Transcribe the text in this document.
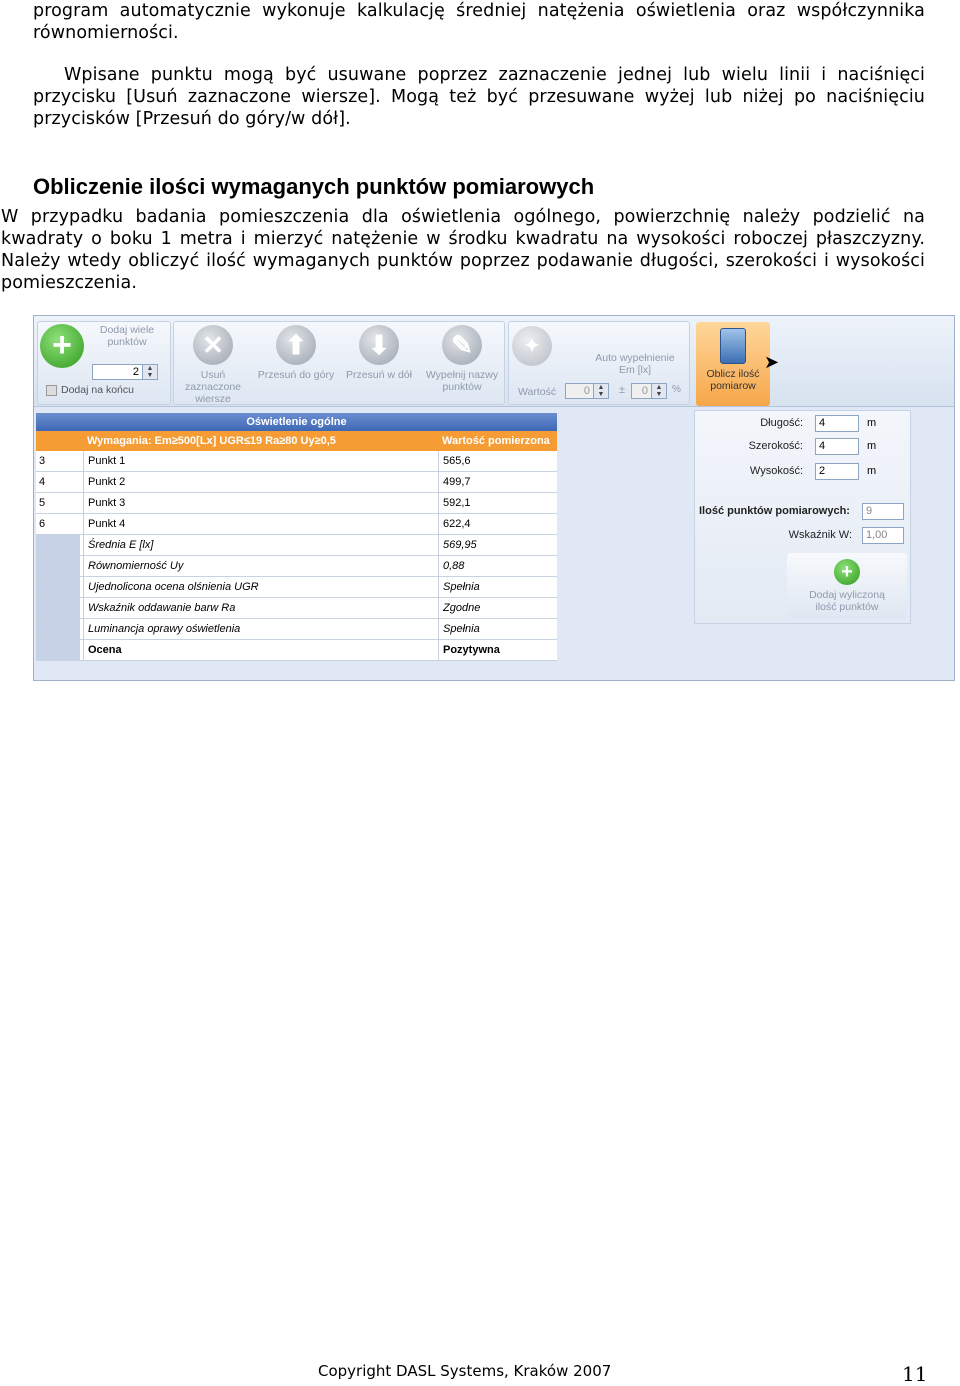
program automatycznie wykonuje kalkulację średniej natężenia oświetlenia oraz współczynnika równomierności.
Wpisane punktu mogą być usuwane poprzez zaznaczenie jednej lub wielu linii i naciśnięci przycisku [Usuń zaznaczone wiersze]. Mogą też być przesuwane wyżej lub niżej po naciśnięciu przycisków [Przesuń do góry/w dół].
Obliczenie ilości wymaganych punktów pomiarowych
W przypadku badania pomieszczenia dla oświetlenia ogólnego, powierzchnię należy podzielić na kwadraty o boku 1 metra i mierzyć natężenie w środku kwadratu na wysokości roboczej płaszczyzny. Należy wtedy obliczyć ilość wymaganych punktów poprzez podawanie długości, szerokości i wysokości pomieszczenia.
+	Dodaj wiele punktów
2	▲
▼
Dodaj na końcu
✕
Usuń zaznaczone wiersze
⬆
Przesuń do góry
⬇
Przesuń w dół
✎
Wypełnij nazwy punktów
✦	Auto wypełnienie Em [lx]
Wartość	0	▲
▼	±	0	▲
▼ %
Oblicz ilość pomiarow
➤
Oświetlenie ogólne
Wymagania: Em≥500[Lx] UGR≤19 Ra≥80 Uy≥0,5	Wartość pomierzona
3	Punkt 1	565,6
4	Punkt 2	499,7
5	Punkt 3	592,1
6	Punkt 4	622,4
Średnia E [lx]	569,95
Równomierność Uy	0,88
Ujednolicona ocena olśnienia UGR	Spełnia
Wskaźnik oddawanie barw Ra	Zgodne
Luminancja oprawy oświetlenia	Spełnia
Ocena	Pozytywna
Długość:	4	m
Szerokość:	4	m
Wysokość:	2	m
Ilość punktów pomiarowych:	9
Wskaźnik W:	1,00
+
Dodaj wyliczoną ilość punktów
Copyright DASL Systems, Kraków 2007	11
